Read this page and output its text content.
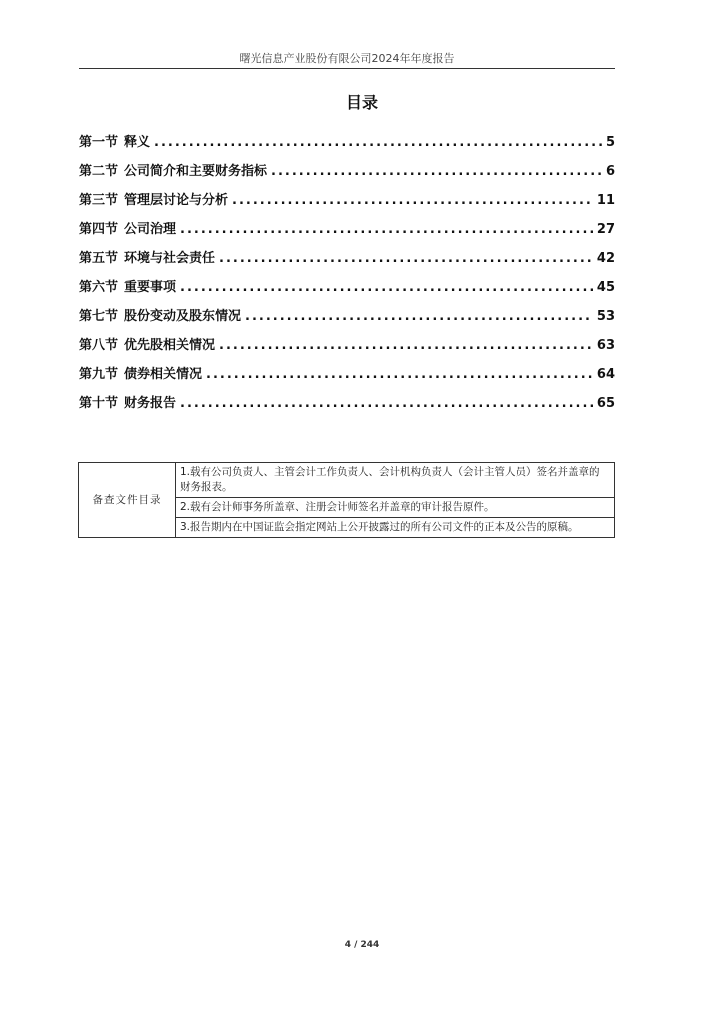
曙光信息产业股份有限公司2024年年度报告
目录
第一节 释义 .....	5
第二节 公司简介和主要财务指标 .....	6
第三节 管理层讨论与分析 .....	11
第四节 公司治理 .....	27
第五节 环境与社会责任 .....	42
第六节 重要事项 .....	45
第七节 股份变动及股东情况 .....	53
第八节 优先股相关情况 .....	63
第九节 债券相关情况 .....	64
第十节 财务报告 .....	65
备查文件目录	1.载有公司负责人、主管会计工作负责人、会计机构负责人（会计主管人员）签名并盖章的财务报表。
2.载有会计师事务所盖章、注册会计师签名并盖章的审计报告原件。
3.报告期内在中国证监会指定网站上公开披露过的所有公司文件的正本及公告的原稿。
4 / 244
